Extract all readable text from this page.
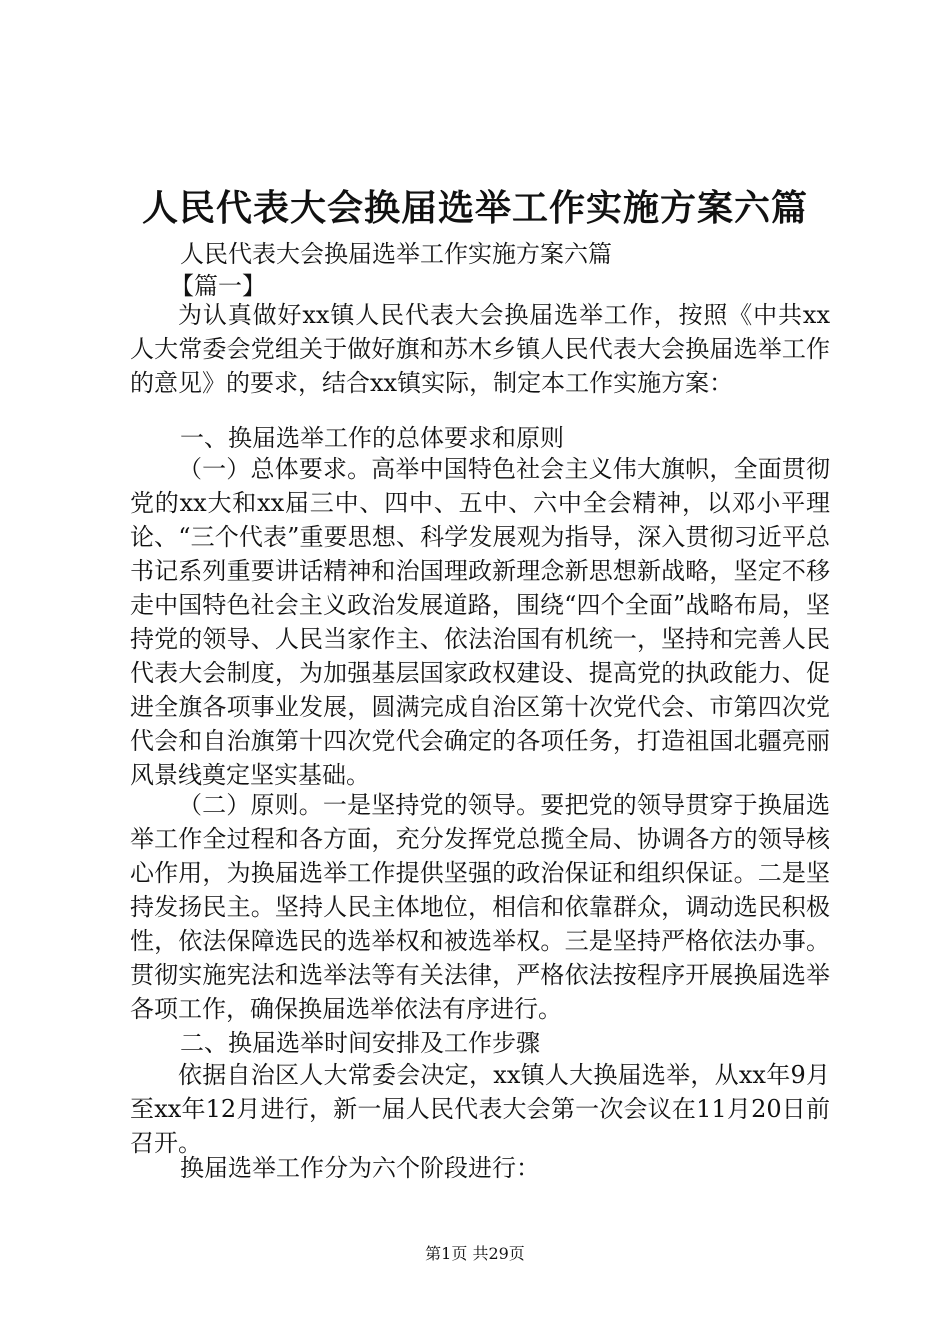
人民代表大会换届选举工作实施方案六篇
人民代表大会换届选举工作实施方案六篇
【篇一】
为认真做好xx镇人民代表大会换届选举工作，按照《中共xx人大常委会党组关于做好旗和苏木乡镇人民代表大会换届选举工作的意见》的要求，结合xx镇实际，制定本工作实施方案：
一、换届选举工作的总体要求和原则
（一）总体要求。高举中国特色社会主义伟大旗帜，全面贯彻党的xx大和xx届三中、四中、五中、六中全会精神，以邓小平理论、“三个代表”重要思想、科学发展观为指导，深入贯彻习近平总书记系列重要讲话精神和治国理政新理念新思想新战略，坚定不移走中国特色社会主义政治发展道路，围绕“四个全面”战略布局，坚持党的领导、人民当家作主、依法治国有机统一，坚持和完善人民代表大会制度，为加强基层国家政权建设、提高党的执政能力、促进全旗各项事业发展，圆满完成自治区第十次党代会、市第四次党代会和自治旗第十四次党代会确定的各项任务，打造祖国北疆亮丽风景线奠定坚实基础。
（二）原则。一是坚持党的领导。要把党的领导贯穿于换届选举工作全过程和各方面，充分发挥党总揽全局、协调各方的领导核心作用，为换届选举工作提供坚强的政治保证和组织保证。二是坚持发扬民主。坚持人民主体地位，相信和依靠群众，调动选民积极性，依法保障选民的选举权和被选举权。三是坚持严格依法办事。贯彻实施宪法和选举法等有关法律，严格依法按程序开展换届选举各项工作，确保换届选举依法有序进行。
二、换届选举时间安排及工作步骤
依据自治区人大常委会决定，xx镇人大换届选举，从xx年9月至xx年12月进行，新一届人民代表大会第一次会议在11月20日前召开。
换届选举工作分为六个阶段进行：
第1页 共29页
